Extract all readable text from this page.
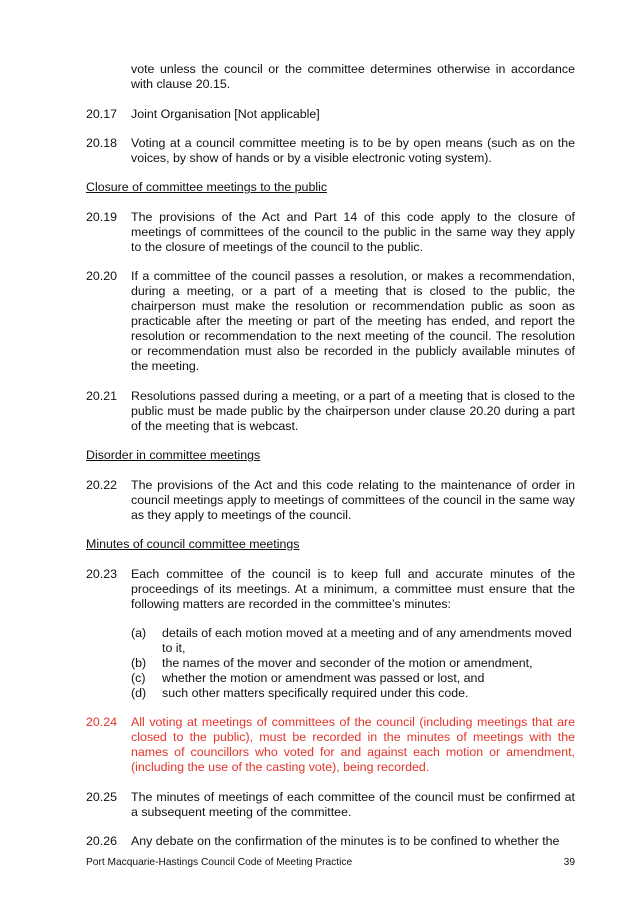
vote unless the council or the committee determines otherwise in accordance with clause 20.15.
20.17	Joint Organisation [Not applicable]
20.18	Voting at a council committee meeting is to be by open means (such as on the voices, by show of hands or by a visible electronic voting system).
Closure of committee meetings to the public
20.19	The provisions of the Act and Part 14 of this code apply to the closure of meetings of committees of the council to the public in the same way they apply to the closure of meetings of the council to the public.
20.20	If a committee of the council passes a resolution, or makes a recommendation, during a meeting, or a part of a meeting that is closed to the public, the chairperson must make the resolution or recommendation public as soon as practicable after the meeting or part of the meeting has ended, and report the resolution or recommendation to the next meeting of the council. The resolution or recommendation must also be recorded in the publicly available minutes of the meeting.
20.21	Resolutions passed during a meeting, or a part of a meeting that is closed to the public must be made public by the chairperson under clause 20.20 during a part of the meeting that is webcast.
Disorder in committee meetings
20.22	The provisions of the Act and this code relating to the maintenance of order in council meetings apply to meetings of committees of the council in the same way as they apply to meetings of the council.
Minutes of council committee meetings
20.23	Each committee of the council is to keep full and accurate minutes of the proceedings of its meetings. At a minimum, a committee must ensure that the following matters are recorded in the committee’s minutes:
(a)	details of each motion moved at a meeting and of any amendments moved to it,
(b)	the names of the mover and seconder of the motion or amendment,
(c)	whether the motion or amendment was passed or lost, and
(d)	such other matters specifically required under this code.
20.24	All voting at meetings of committees of the council (including meetings that are closed to the public), must be recorded in the minutes of meetings with the names of councillors who voted for and against each motion or amendment, (including the use of the casting vote), being recorded.
20.25	The minutes of meetings of each committee of the council must be confirmed at a subsequent meeting of the committee.
20.26	Any debate on the confirmation of the minutes is to be confined to whether the
Port Macquarie-Hastings Council Code of Meeting Practice	39
